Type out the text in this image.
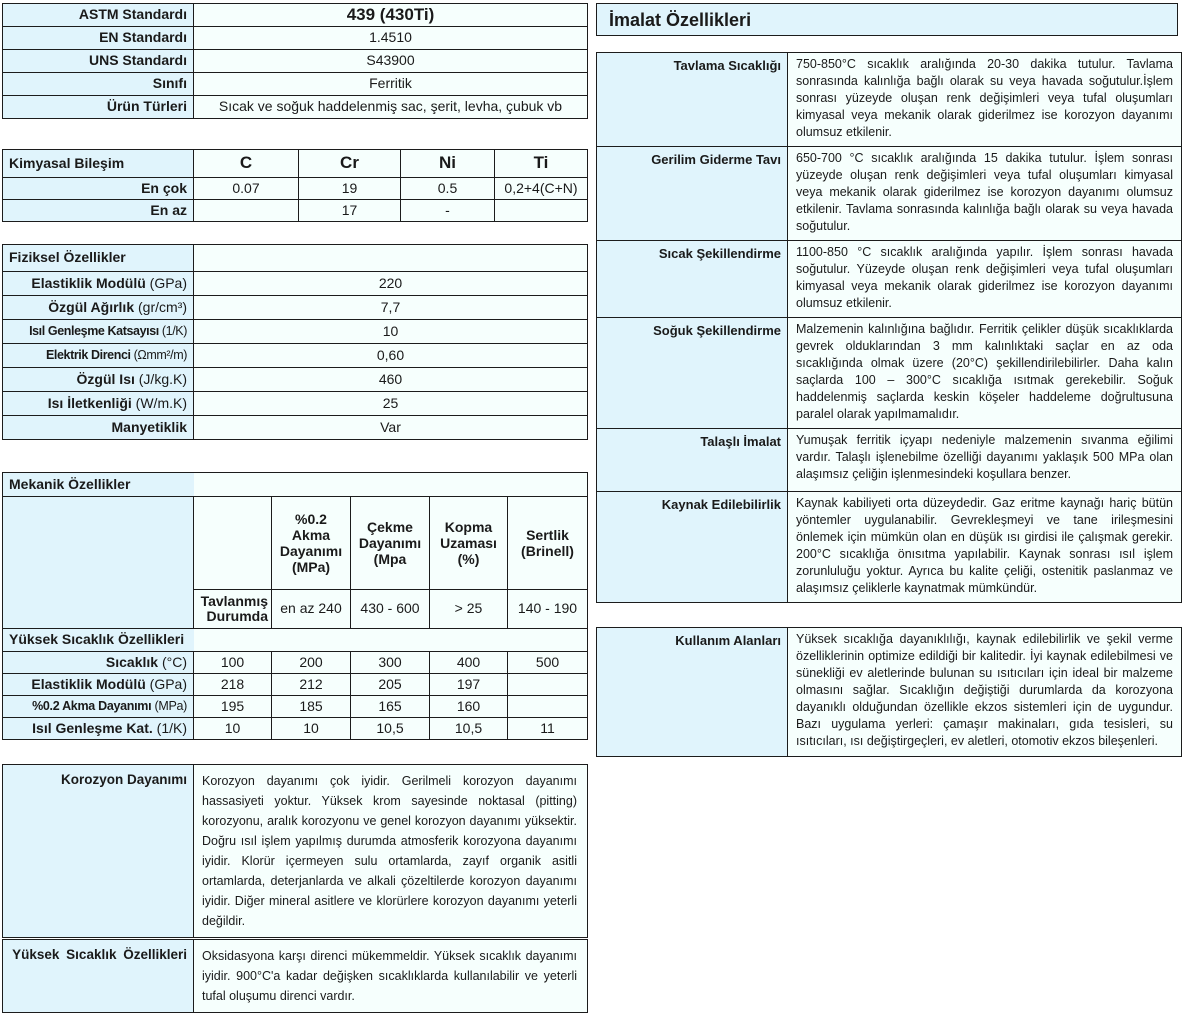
ASTM Standardı	439 (430Ti)
EN Standardı	1.4510
UNS Standardı	S43900
Sınıfı	Ferritik
Ürün Türleri	Sıcak ve soğuk haddelenmiş sac, şerit, levha, çubuk vb
Kimyasal Bileşim	C	Cr	Ni	Ti
En çok	0.07	19	0.5	0,2+4(C+N)
En az		17	-	
Fiziksel Özellikler	
Elastiklik Modülü (GPa)	220
Özgül Ağırlık (gr/cm³)	7,7
Isıl Genleşme Katsayısı (1/K)	10
Elektrik Direnci (Ωmm²/m)	0,60
Özgül Isı (J/kg.K)	460
Isı İletkenliği (W/m.K)	25
Manyetiklik	Var
Mekanik Özellikler					
		%0.2 Akma Dayanımı (MPa)	Çekme Dayanımı (Mpa	Kopma Uzaması (%)	Sertlik (Brinell)
	Tavlanmış Durumda	en az 240	430 - 600	> 25	140 - 190
Yüksek Sıcaklık Özellikleri					
Sıcaklık (°C)	100	200	300	400	500
Elastiklik Modülü (GPa)	218	212	205	197	
%0.2 Akma Dayanımı (MPa)	195	185	165	160	
Isıl Genleşme Kat. (1/K)	10	10	10,5	10,5	11
Korozyon Dayanımı	Korozyon dayanımı çok iyidir. Gerilmeli korozyon dayanımı hassasiyeti yoktur. Yüksek krom sayesinde noktasal (pitting) korozyonu, aralık korozyonu ve genel korozyon dayanımı yüksektir. Doğru ısıl işlem yapılmış durumda atmosferik korozyona dayanımı iyidir. Klorür içermeyen sulu ortamlarda, zayıf organik asitli ortamlarda, deterjanlarda ve alkali çözeltilerde korozyon dayanımı iyidir. Diğer mineral asitlere ve klorürlere korozyon dayanımı yeterli değildir.
Yüksek Sıcaklık Özellikleri	Oksidasyona karşı direnci mükemmeldir. Yüksek sıcaklık dayanımı iyidir. 900°C'a kadar değişken sıcaklıklarda kullanılabilir ve yeterli tufal oluşumu direnci vardır.
İmalat Özellikleri
Tavlama Sıcaklığı	750-850°C sıcaklık aralığında 20-30 dakika tutulur. Tavlama sonrasında kalınlığa bağlı olarak su veya havada soğutulur.İşlem sonrası yüzeyde oluşan renk değişimleri veya tufal oluşumları kimyasal veya mekanik olarak giderilmez ise korozyon dayanımı olumsuz etkilenir.
Gerilim Giderme Tavı	650-700 °C sıcaklık aralığında 15 dakika tutulur. İşlem sonrası yüzeyde oluşan renk değişimleri veya tufal oluşumları kimyasal veya mekanik olarak giderilmez ise korozyon dayanımı olumsuz etkilenir. Tavlama sonrasında kalınlığa bağlı olarak su veya havada soğutulur.
Sıcak Şekillendirme	1100-850 °C sıcaklık aralığında yapılır. İşlem sonrası havada soğutulur. Yüzeyde oluşan renk değişimleri veya tufal oluşumları kimyasal veya mekanik olarak giderilmez ise korozyon dayanımı olumsuz etkilenir.
Soğuk Şekillendirme	Malzemenin kalınlığına bağlıdır. Ferritik çelikler düşük sıcaklıklarda gevrek olduklarından 3 mm kalınlıktaki saçlar en az oda sıcaklığında olmak üzere (20°C) şekillendirilebilirler. Daha kalın saçlarda 100 – 300°C sıcaklığa ısıtmak gerekebilir. Soğuk haddelenmiş saçlarda keskin köşeler haddeleme doğrultusuna paralel olarak yapılmamalıdır.
Talaşlı İmalat	Yumuşak ferritik içyapı nedeniyle malzemenin sıvanma eğilimi vardır. Talaşlı işlenebilme özelliği dayanımı yaklaşık 500 MPa olan alaşımsız çeliğin işlenmesindeki koşullara benzer.
Kaynak Edilebilirlik	Kaynak kabiliyeti orta düzeydedir. Gaz eritme kaynağı hariç bütün yöntemler uygulanabilir. Gevrekleşmeyi ve tane irileşmesini önlemek için mümkün olan en düşük ısı girdisi ile çalışmak gerekir. 200°C sıcaklığa önısıtma yapılabilir. Kaynak sonrası ısıl işlem zorunluluğu yoktur. Ayrıca bu kalite çeliği, ostenitik paslanmaz ve alaşımsız çeliklerle kaynatmak mümkündür.
Kullanım Alanları	Yüksek sıcaklığa dayanıklılığı, kaynak edilebilirlik ve şekil verme özelliklerinin optimize edildiği bir kalitedir. İyi kaynak edilebilmesi ve sünekliği ev aletlerinde bulunan su ısıtıcıları için ideal bir malzeme olmasını sağlar. Sıcaklığın değiştiği durumlarda da korozyona dayanıklı olduğundan özellikle ekzos sistemleri için de uygundur. Bazı uygulama yerleri: çamaşır makinaları, gıda tesisleri, su ısıtıcıları, ısı değiştirgeçleri, ev aletleri, otomotiv ekzos bileşenleri.
